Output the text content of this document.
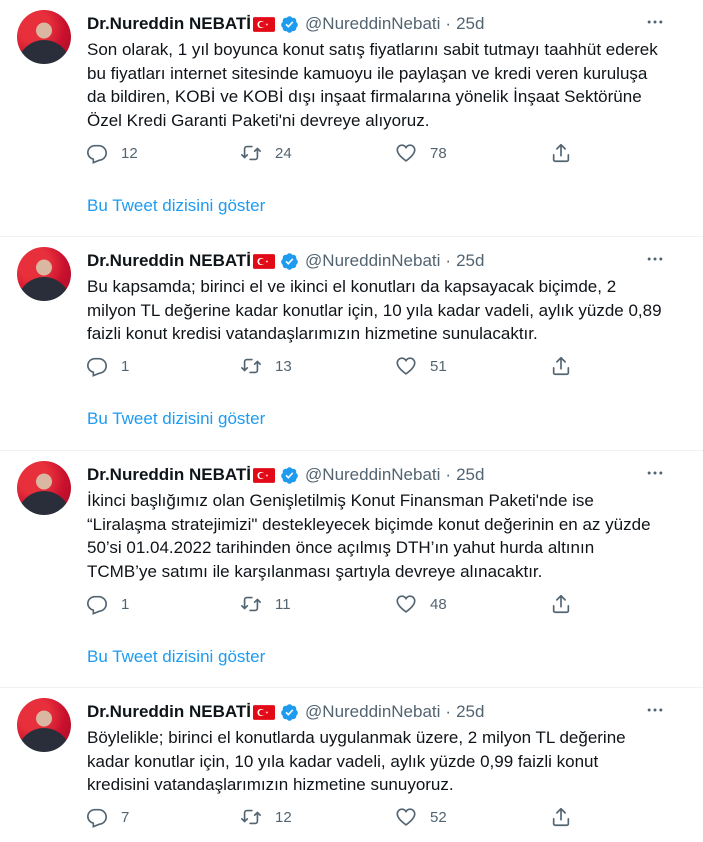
Dr.Nureddin NEBATİ	@NureddinNebati · 25d
Son olarak, 1 yıl boyunca konut satış fiyatlarını sabit tutmayı taahhüt ederek
bu fiyatları internet sitesinde kamuoyu ile paylaşan ve kredi veren kuruluşa
da bildiren, KOBİ ve KOBİ dışı inşaat firmalarına yönelik İnşaat Sektörüne
Özel Kredi Garanti Paketi'ni devreye alıyoruz.
12	24	78
Bu Tweet dizisini göster
Dr.Nureddin NEBATİ	@NureddinNebati · 25d
Bu kapsamda; birinci el ve ikinci el konutları da kapsayacak biçimde, 2
milyon TL değerine kadar konutlar için, 10 yıla kadar vadeli, aylık yüzde 0,89
faizli konut kredisi vatandaşlarımızın hizmetine sunulacaktır.
1	13	51
Bu Tweet dizisini göster
Dr.Nureddin NEBATİ	@NureddinNebati · 25d
İkinci başlığımız olan Genişletilmiş Konut Finansman Paketi'nde ise
“Liralaşma stratejimizi" destekleyecek biçimde konut değerinin en az yüzde
50’si 01.04.2022 tarihinden önce açılmış DTH’ın yahut hurda altının
TCMB’ye satımı ile karşılanması şartıyla devreye alınacaktır.
1	11	48
Bu Tweet dizisini göster
Dr.Nureddin NEBATİ	@NureddinNebati · 25d
Böylelikle; birinci el konutlarda uygulanmak üzere, 2 milyon TL değerine
kadar konutlar için, 10 yıla kadar vadeli, aylık yüzde 0,99 faizli konut
kredisini vatandaşlarımızın hizmetine sunuyoruz.
7	12	52
